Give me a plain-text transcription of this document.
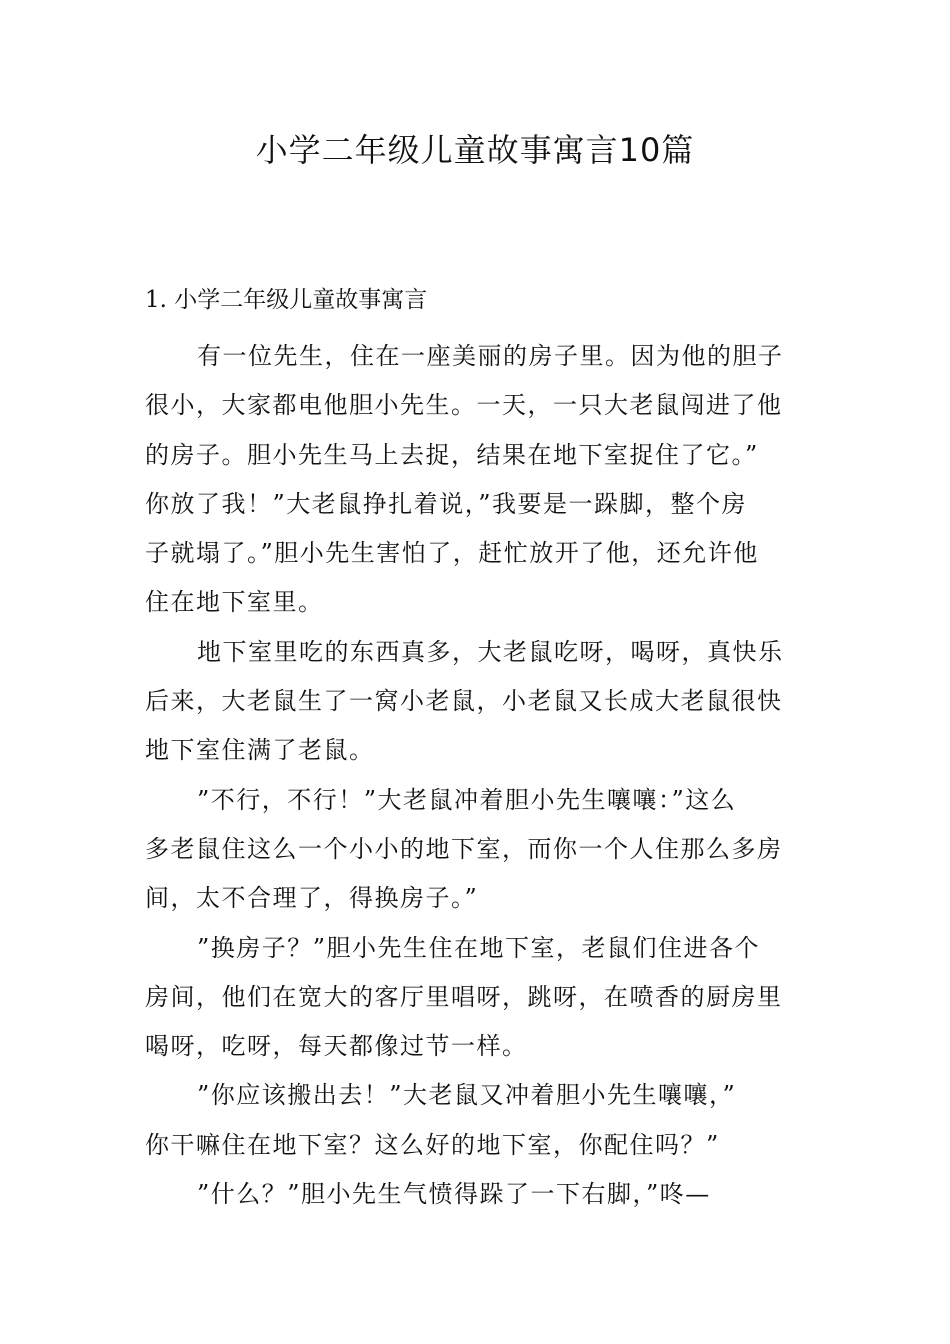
小学二年级儿童故事寓言10篇
1. 小学二年级儿童故事寓言
有一位先生，住在一座美丽的房子里。因为他的胆子
很小，大家都电他胆小先生。一天，一只大老鼠闯进了他
的房子。胆小先生马上去捉，结果在地下室捉住了它。”
你放了我！”大老鼠挣扎着说，”我要是一跺脚，整个房
子就塌了。”胆小先生害怕了，赶忙放开了他，还允许他
住在地下室里。
地下室里吃的东西真多，大老鼠吃呀，喝呀，真快乐
后来，大老鼠生了一窝小老鼠，小老鼠又长成大老鼠很快
地下室住满了老鼠。
”不行，不行！”大老鼠冲着胆小先生嚷嚷：”这么
多老鼠住这么一个小小的地下室，而你一个人住那么多房
间，太不合理了，得换房子。”
”换房子？”胆小先生住在地下室，老鼠们住进各个
房间，他们在宽大的客厅里唱呀，跳呀，在喷香的厨房里
喝呀，吃呀，每天都像过节一样。
”你应该搬出去！”大老鼠又冲着胆小先生嚷嚷，”
你干嘛住在地下室？这么好的地下室，你配住吗？”
”什么？”胆小先生气愤得跺了一下右脚，”咚—
